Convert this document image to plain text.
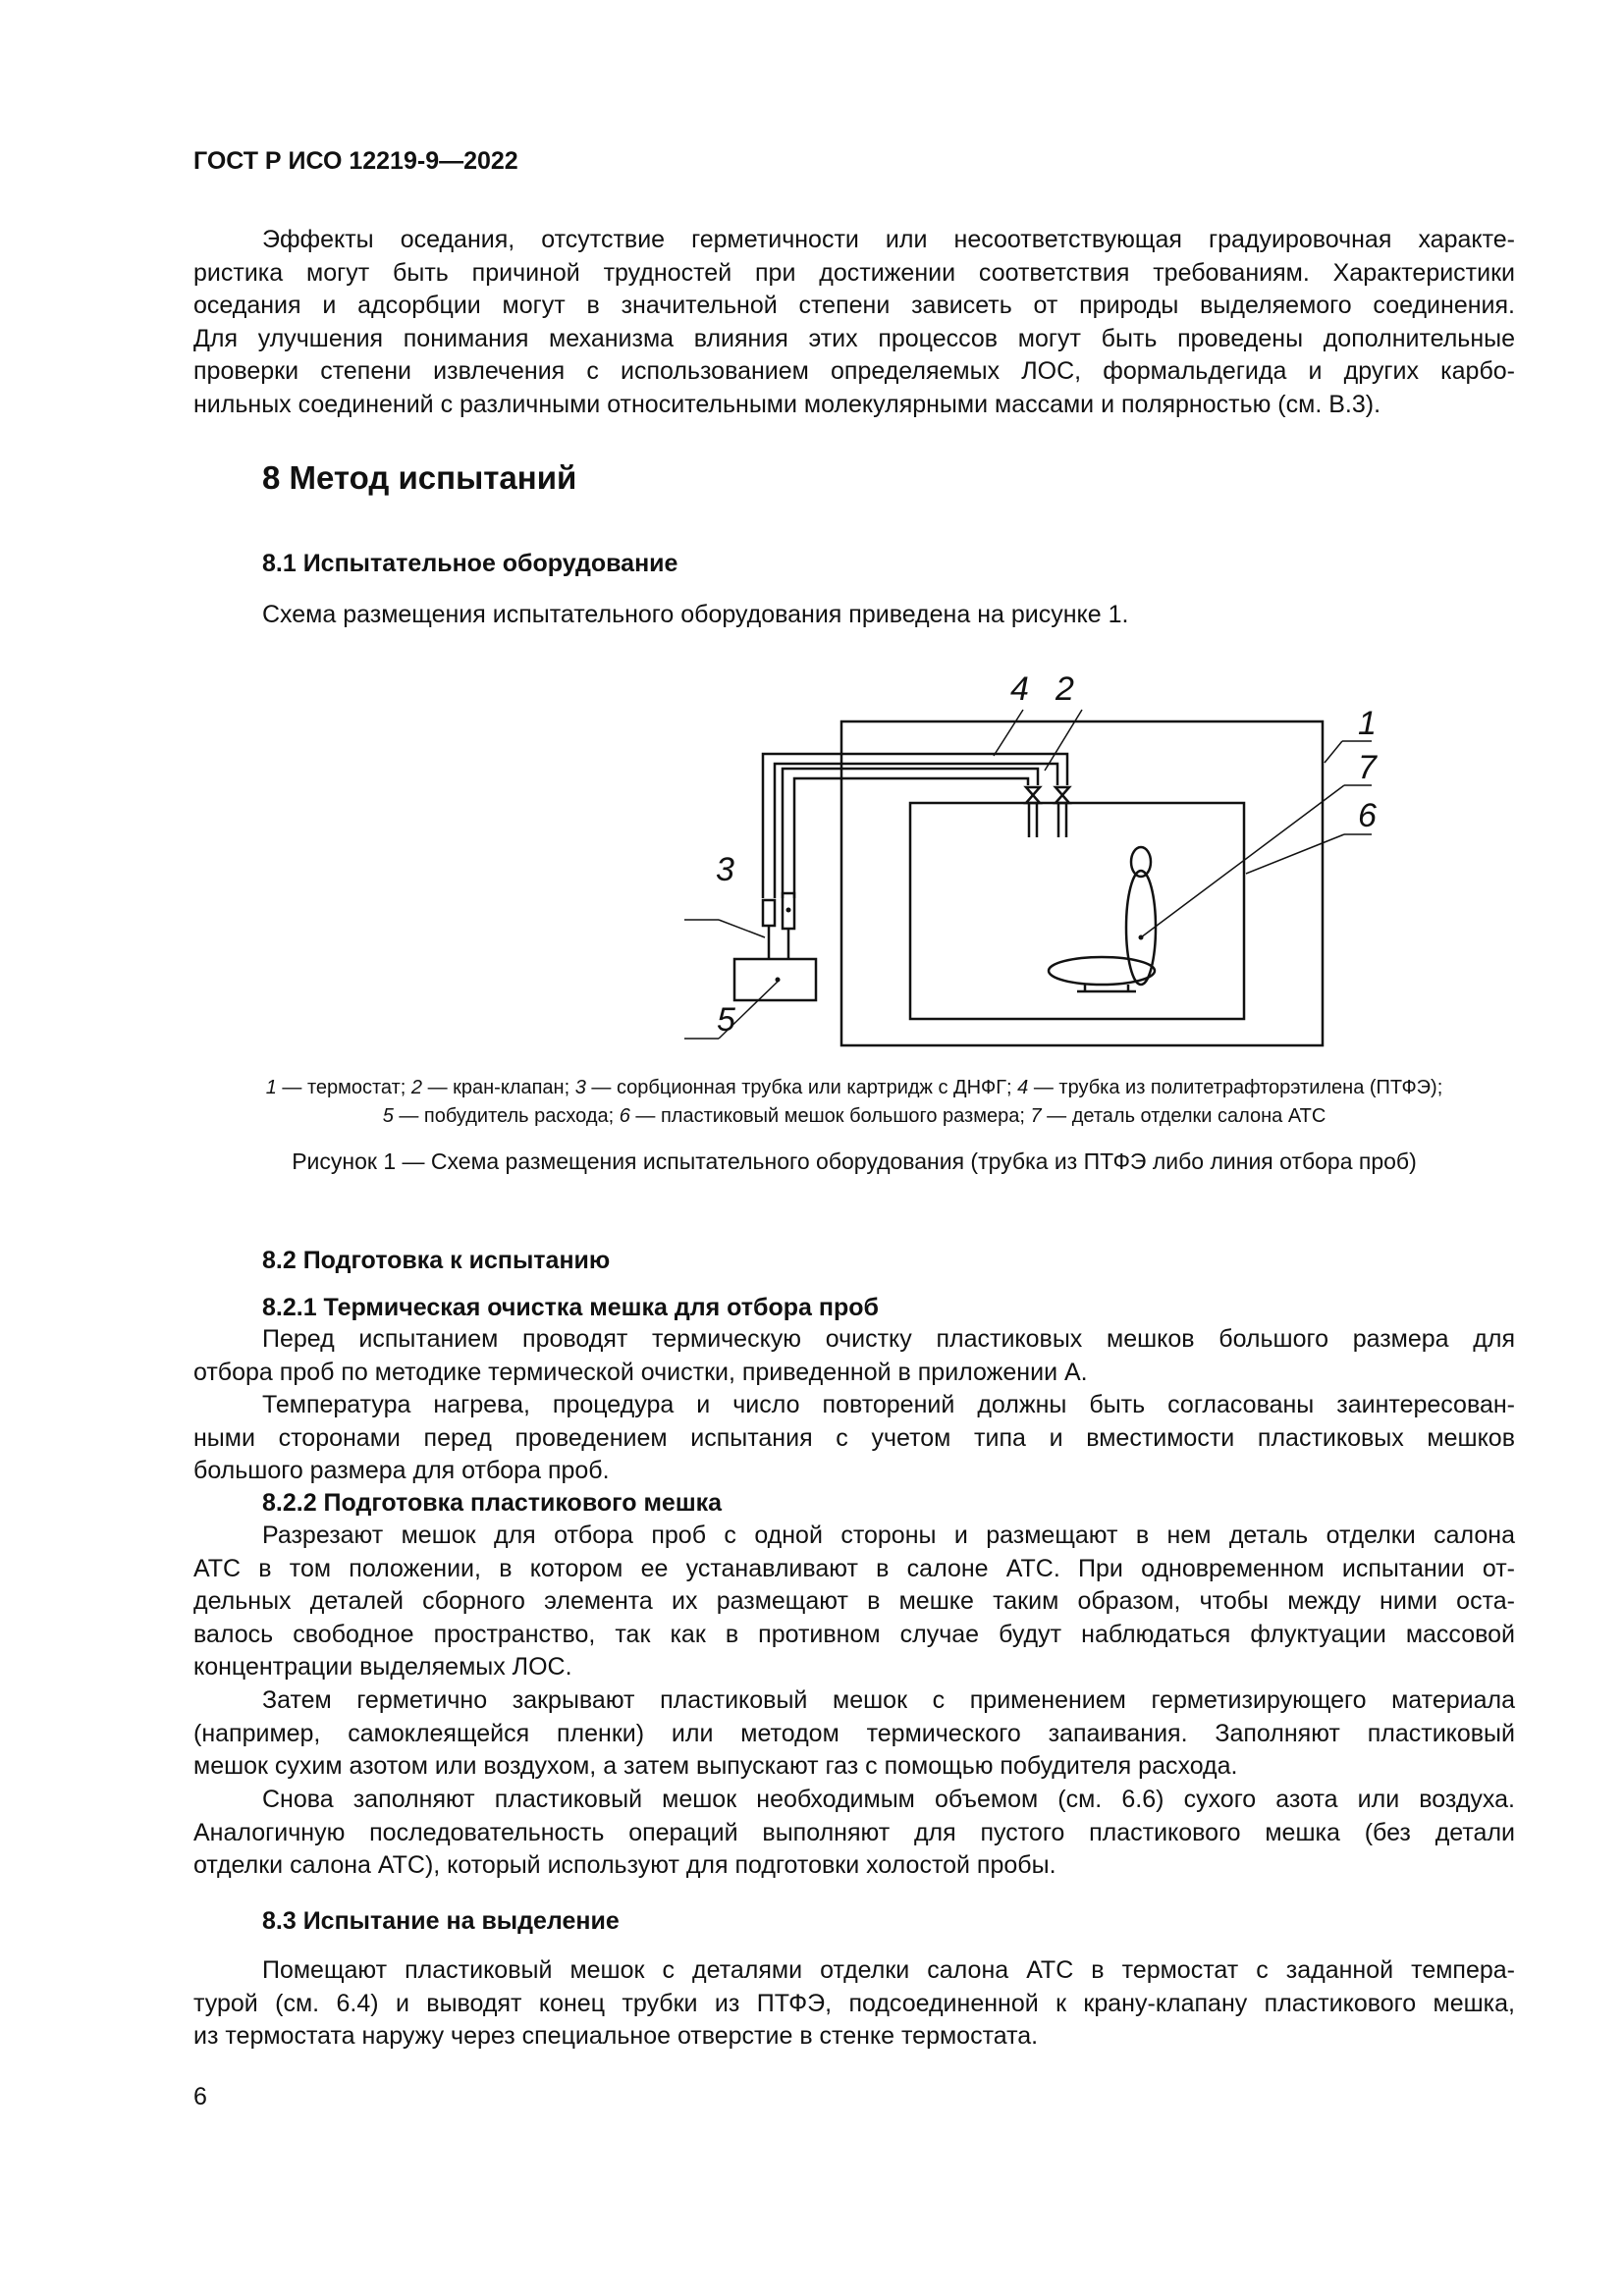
ГОСТ Р ИСО 12219-9—2022
Эффекты оседания, отсутствие герметичности или несоответствующая градуировочная характе-
ристика могут быть причиной трудностей при достижении соответствия требованиям. Характеристики
оседания и адсорбции могут в значительной степени зависеть от природы выделяемого соединения.
Для улучшения понимания механизма влияния этих процессов могут быть проведены дополнительные
проверки степени извлечения с использованием определяемых ЛОС, формальдегида и других карбо-
нильных соединений с различными относительными молекулярными массами и полярностью (см. B.3).
8 Метод испытаний
8.1 Испытательное оборудование
Схема размещения испытательного оборудования приведена на рисунке 1.
4 2
1
7
6
3
5
1 — термостат; 2 — кран-клапан; 3 — сорбционная трубка или картридж с ДНФГ; 4 — трубка из политетрафторэтилена (ПТФЭ);
5 — побудитель расхода; 6 — пластиковый мешок большого размера; 7 — деталь отделки салона АТС
Рисунок 1 — Схема размещения испытательного оборудования (трубка из ПТФЭ либо линия отбора проб)
8.2 Подготовка к испытанию
8.2.1 Термическая очистка мешка для отбора проб
Перед испытанием проводят термическую очистку пластиковых мешков большого размера для
отбора проб по методике термической очистки, приведенной в приложении А.
Температура нагрева, процедура и число повторений должны быть согласованы заинтересован-
ными сторонами перед проведением испытания с учетом типа и вместимости пластиковых мешков
большого размера для отбора проб.
8.2.2 Подготовка пластикового мешка
Разрезают мешок для отбора проб с одной стороны и размещают в нем деталь отделки салона
АТС в том положении, в котором ее устанавливают в салоне АТС. При одновременном испытании от-
дельных деталей сборного элемента их размещают в мешке таким образом, чтобы между ними оста-
валось свободное пространство, так как в противном случае будут наблюдаться флуктуации массовой
концентрации выделяемых ЛОС.
Затем герметично закрывают пластиковый мешок с применением герметизирующего материала
(например, самоклеящейся пленки) или методом термического запаивания. Заполняют пластиковый
мешок сухим азотом или воздухом, а затем выпускают газ с помощью побудителя расхода.
Снова заполняют пластиковый мешок необходимым объемом (см. 6.6) сухого азота или воздуха.
Аналогичную последовательность операций выполняют для пустого пластикового мешка (без детали
отделки салона АТС), который используют для подготовки холостой пробы.
8.3 Испытание на выделение
Помещают пластиковый мешок с деталями отделки салона АТС в термостат с заданной темпера-
турой (см. 6.4) и выводят конец трубки из ПТФЭ, подсоединенной к крану-клапану пластикового мешка,
из термостата наружу через специальное отверстие в стенке термостата.
6
